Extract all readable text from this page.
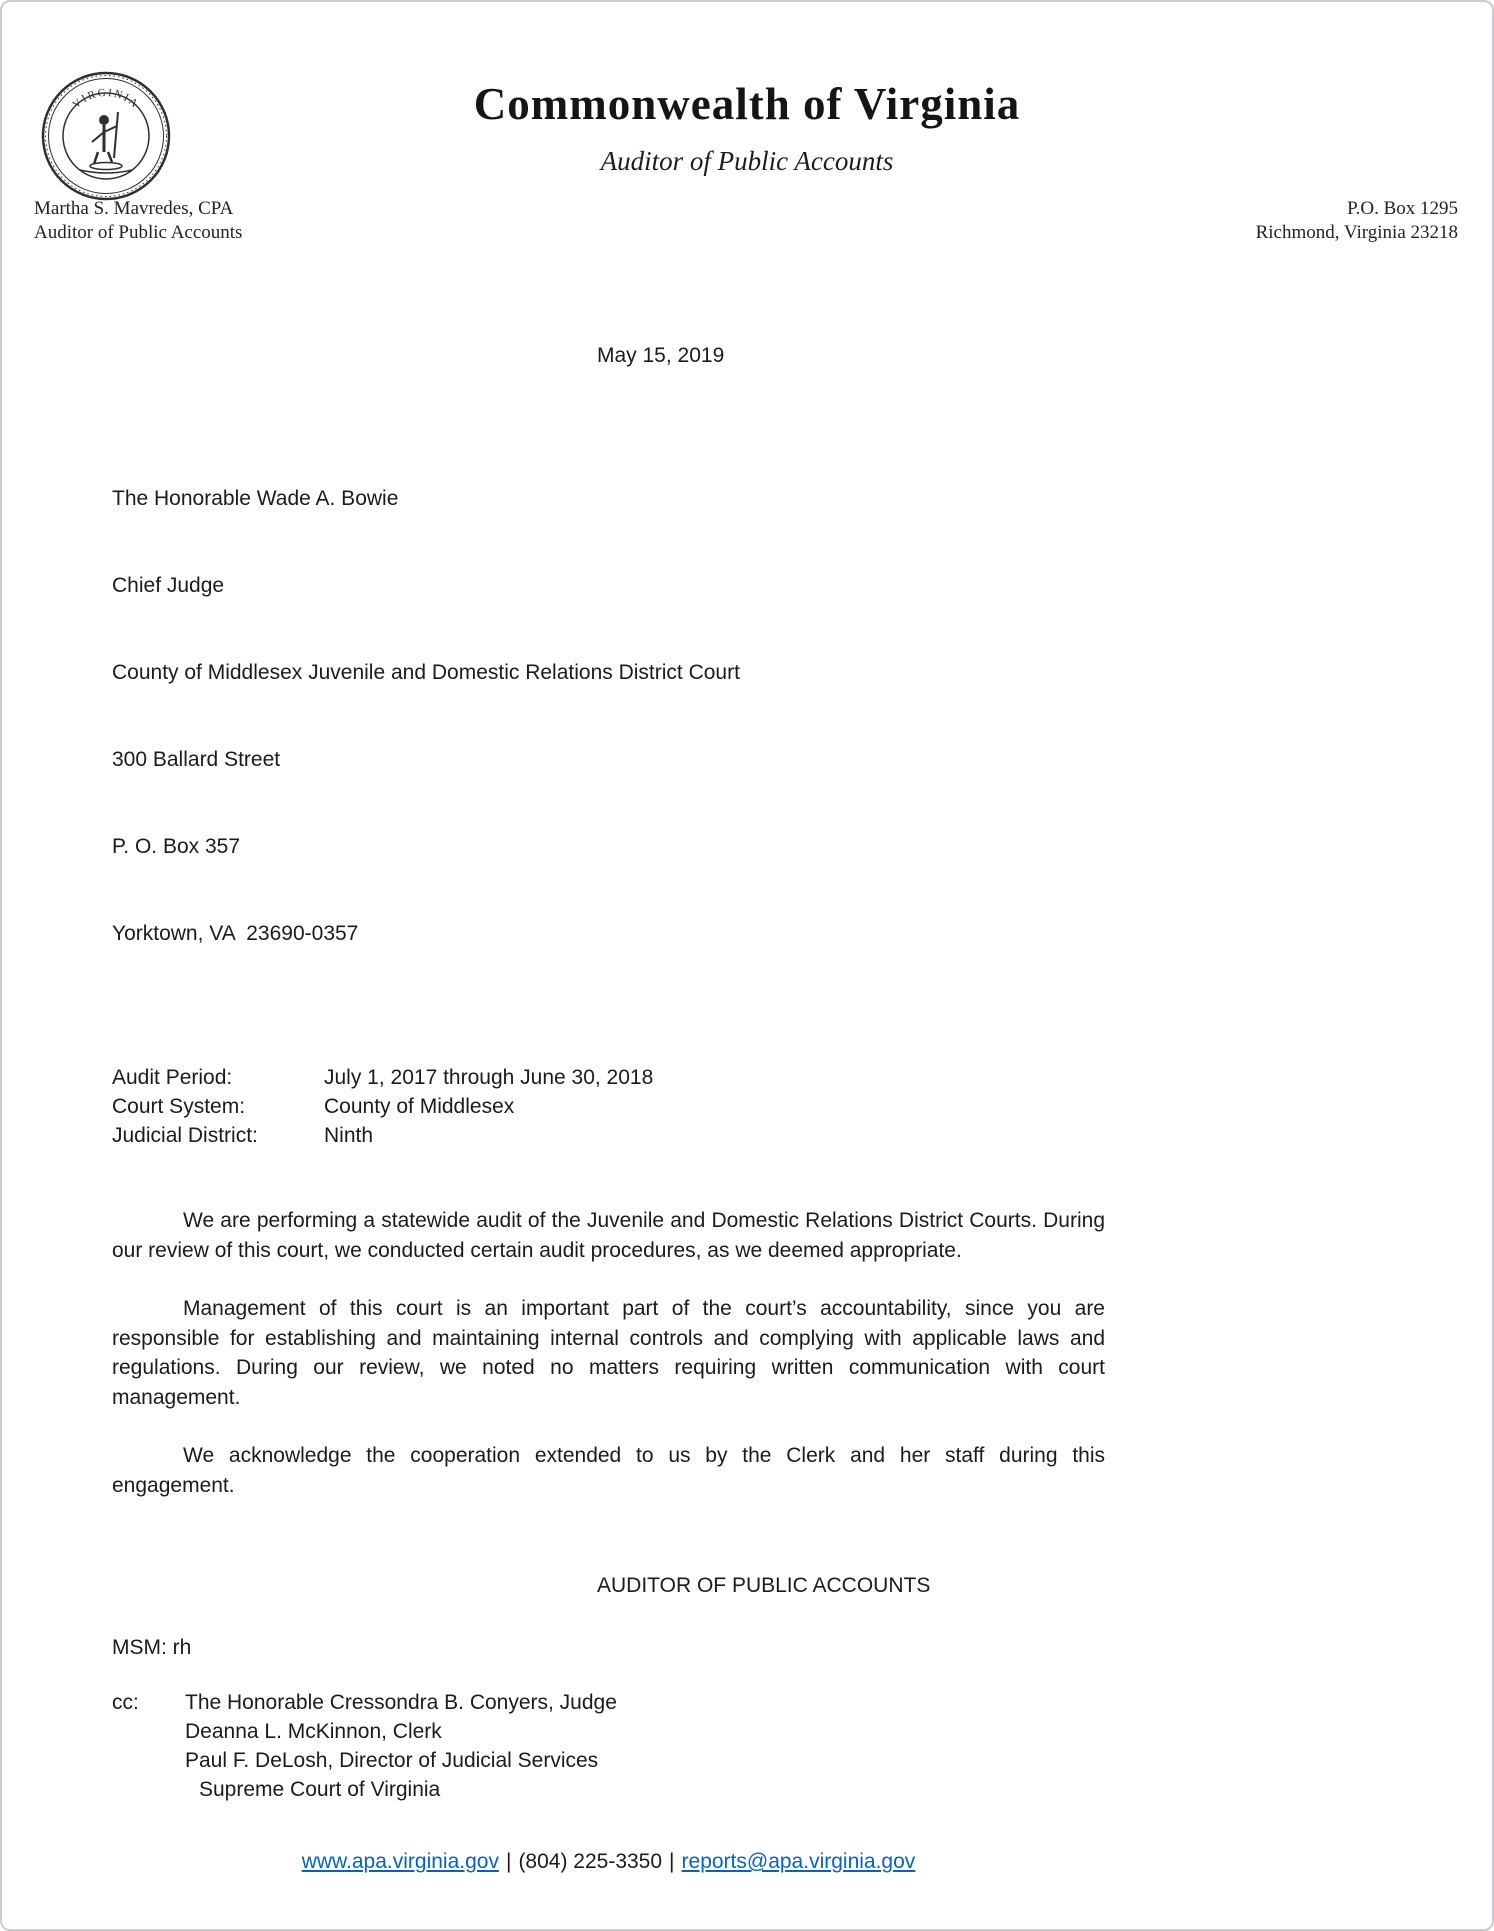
VIRGINIA	Commonwealth of Virginia
Auditor of Public Accounts
Martha S. Mavredes, CPA
Auditor of Public Accounts
P.O. Box 1295
Richmond, Virginia 23218
May 15, 2019

The Honorable Wade A. Bowie

Chief Judge

County of Middlesex Juvenile and Domestic Relations District Court

300 Ballard Street

P. O. Box 357

Yorktown, VA  23690-0357

Audit Period:	July 1, 2017 through June 30, 2018
Court System:	County of Middlesex
Judicial District:	Ninth

We are performing a statewide audit of the Juvenile and Domestic Relations District Courts. During our review of this court, we conducted certain audit procedures, as we deemed appropriate.

Management of this court is an important part of the court’s accountability, since you are responsible for establishing and maintaining internal controls and complying with applicable laws and regulations. During our review, we noted no matters requiring written communication with court management.

We acknowledge the cooperation extended to us by the Clerk and her staff during this engagement.

AUDITOR OF PUBLIC ACCOUNTS
MSM: rh
cc:	The Honorable Cressondra B. Conyers, Judge
Deanna L. McKinnon, Clerk
Paul F. DeLosh, Director of Judicial Services
Supreme Court of Virginia
www.apa.virginia.gov | (804) 225-3350 | reports@apa.virginia.gov
